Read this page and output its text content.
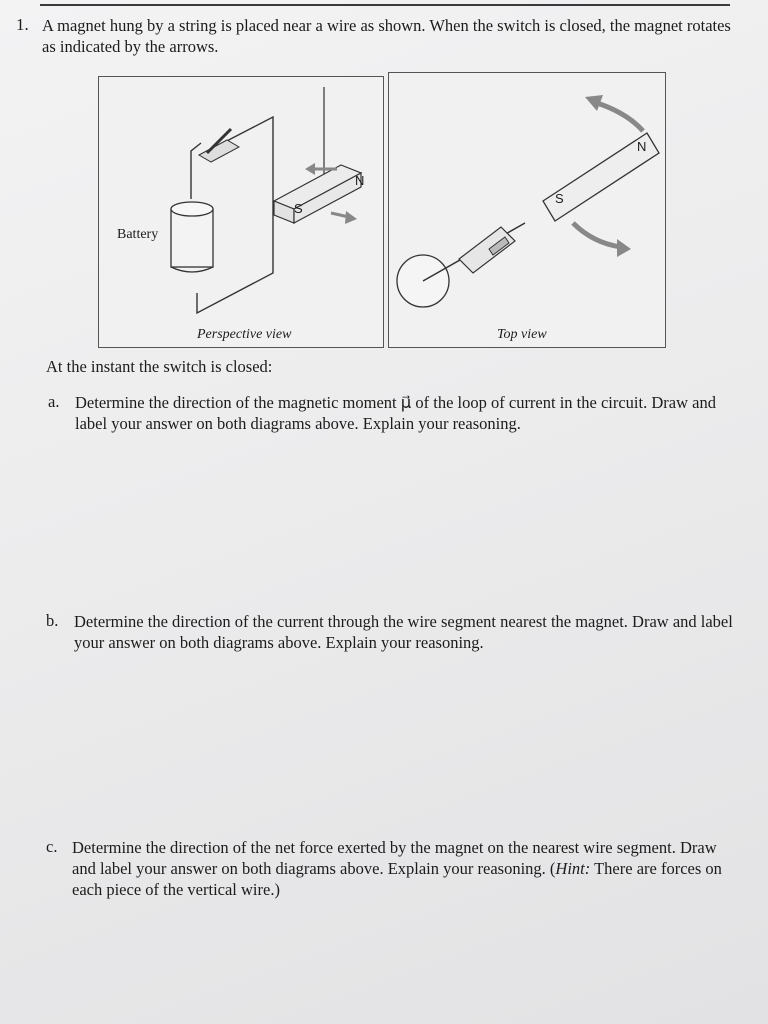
1. A magnet hung by a string is placed near a wire as shown. When the switch is closed, the magnet rotates as indicated by the arrows.
Battery
N
S
Perspective view
N
S
Top view
At the instant the switch is closed:
a. Determine the direction of the magnetic moment μ⃗ of the loop of current in the circuit. Draw and label your answer on both diagrams above. Explain your reasoning.
b. Determine the direction of the current through the wire segment nearest the magnet. Draw and label your answer on both diagrams above. Explain your reasoning.
c. Determine the direction of the net force exerted by the magnet on the nearest wire segment. Draw and label your answer on both diagrams above. Explain your reasoning. (Hint: There are forces on each piece of the vertical wire.)
